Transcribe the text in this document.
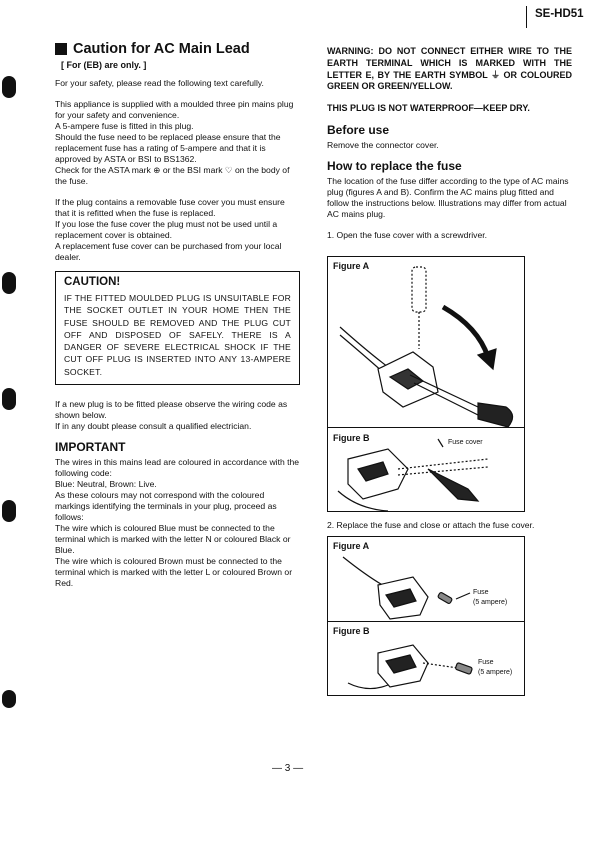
SE-HD51
Caution for AC Main Lead
[ For (EB) are only. ]

For your safety, please read the following text carefully.

This appliance is supplied with a moulded three pin mains plug for your safety and convenience.

A 5-ampere fuse is fitted in this plug.

Should the fuse need to be replaced please ensure that the replacement fuse has a rating of 5-ampere and that it is approved by ASTA or BSI to BS1362.

Check for the ASTA mark ⊕ or the BSI mark ♡ on the body of the fuse.

If the plug contains a removable fuse cover you must ensure that it is refitted when the fuse is replaced.

If you lose the fuse cover the plug must not be used until a replacement cover is obtained.

A replacement fuse cover can be purchased from your local dealer.

CAUTION!
IF THE FITTED MOULDED PLUG IS UNSUITABLE FOR THE SOCKET OUTLET IN YOUR HOME THEN THE FUSE SHOULD BE REMOVED AND THE PLUG CUT OFF AND DISPOSED OF SAFELY. THERE IS A DANGER OF SEVERE ELECTRICAL SHOCK IF THE CUT OFF PLUG IS INSERTED INTO ANY 13-AMPERE SOCKET.

If a new plug is to be fitted please observe the wiring code as shown below.

If in any doubt please consult a qualified electrician.

IMPORTANT

The wires in this mains lead are coloured in accordance with the following code:

Blue: Neutral, Brown: Live.

As these colours may not correspond with the coloured markings identifying the terminals in your plug, proceed as follows:

The wire which is coloured Blue must be connected to the terminal which is marked with the letter N or coloured Black or Blue.

The wire which is coloured Brown must be connected to the terminal which is marked with the letter L or coloured Brown or Red.

WARNING: DO NOT CONNECT EITHER WIRE TO THE EARTH TERMINAL WHICH IS MARKED WITH THE LETTER E, BY THE EARTH SYMBOL ⏚ OR COLOURED GREEN OR GREEN/YELLOW.

THIS PLUG IS NOT WATERPROOF—KEEP DRY.

Before use

Remove the connector cover.

How to replace the fuse

The location of the fuse differ according to the type of AC mains plug (figures A and B). Confirm the AC mains plug fitted and follow the instructions below. Illustrations may differ from actual AC mains plug.

1. Open the fuse cover with a screwdriver.

Figure A
Figure B	Fuse cover

2. Replace the fuse and close or attach the fuse cover.

Figure A
Fuse
(5 ampere)
Figure B
Fuse
(5 ampere)
— 3 —
